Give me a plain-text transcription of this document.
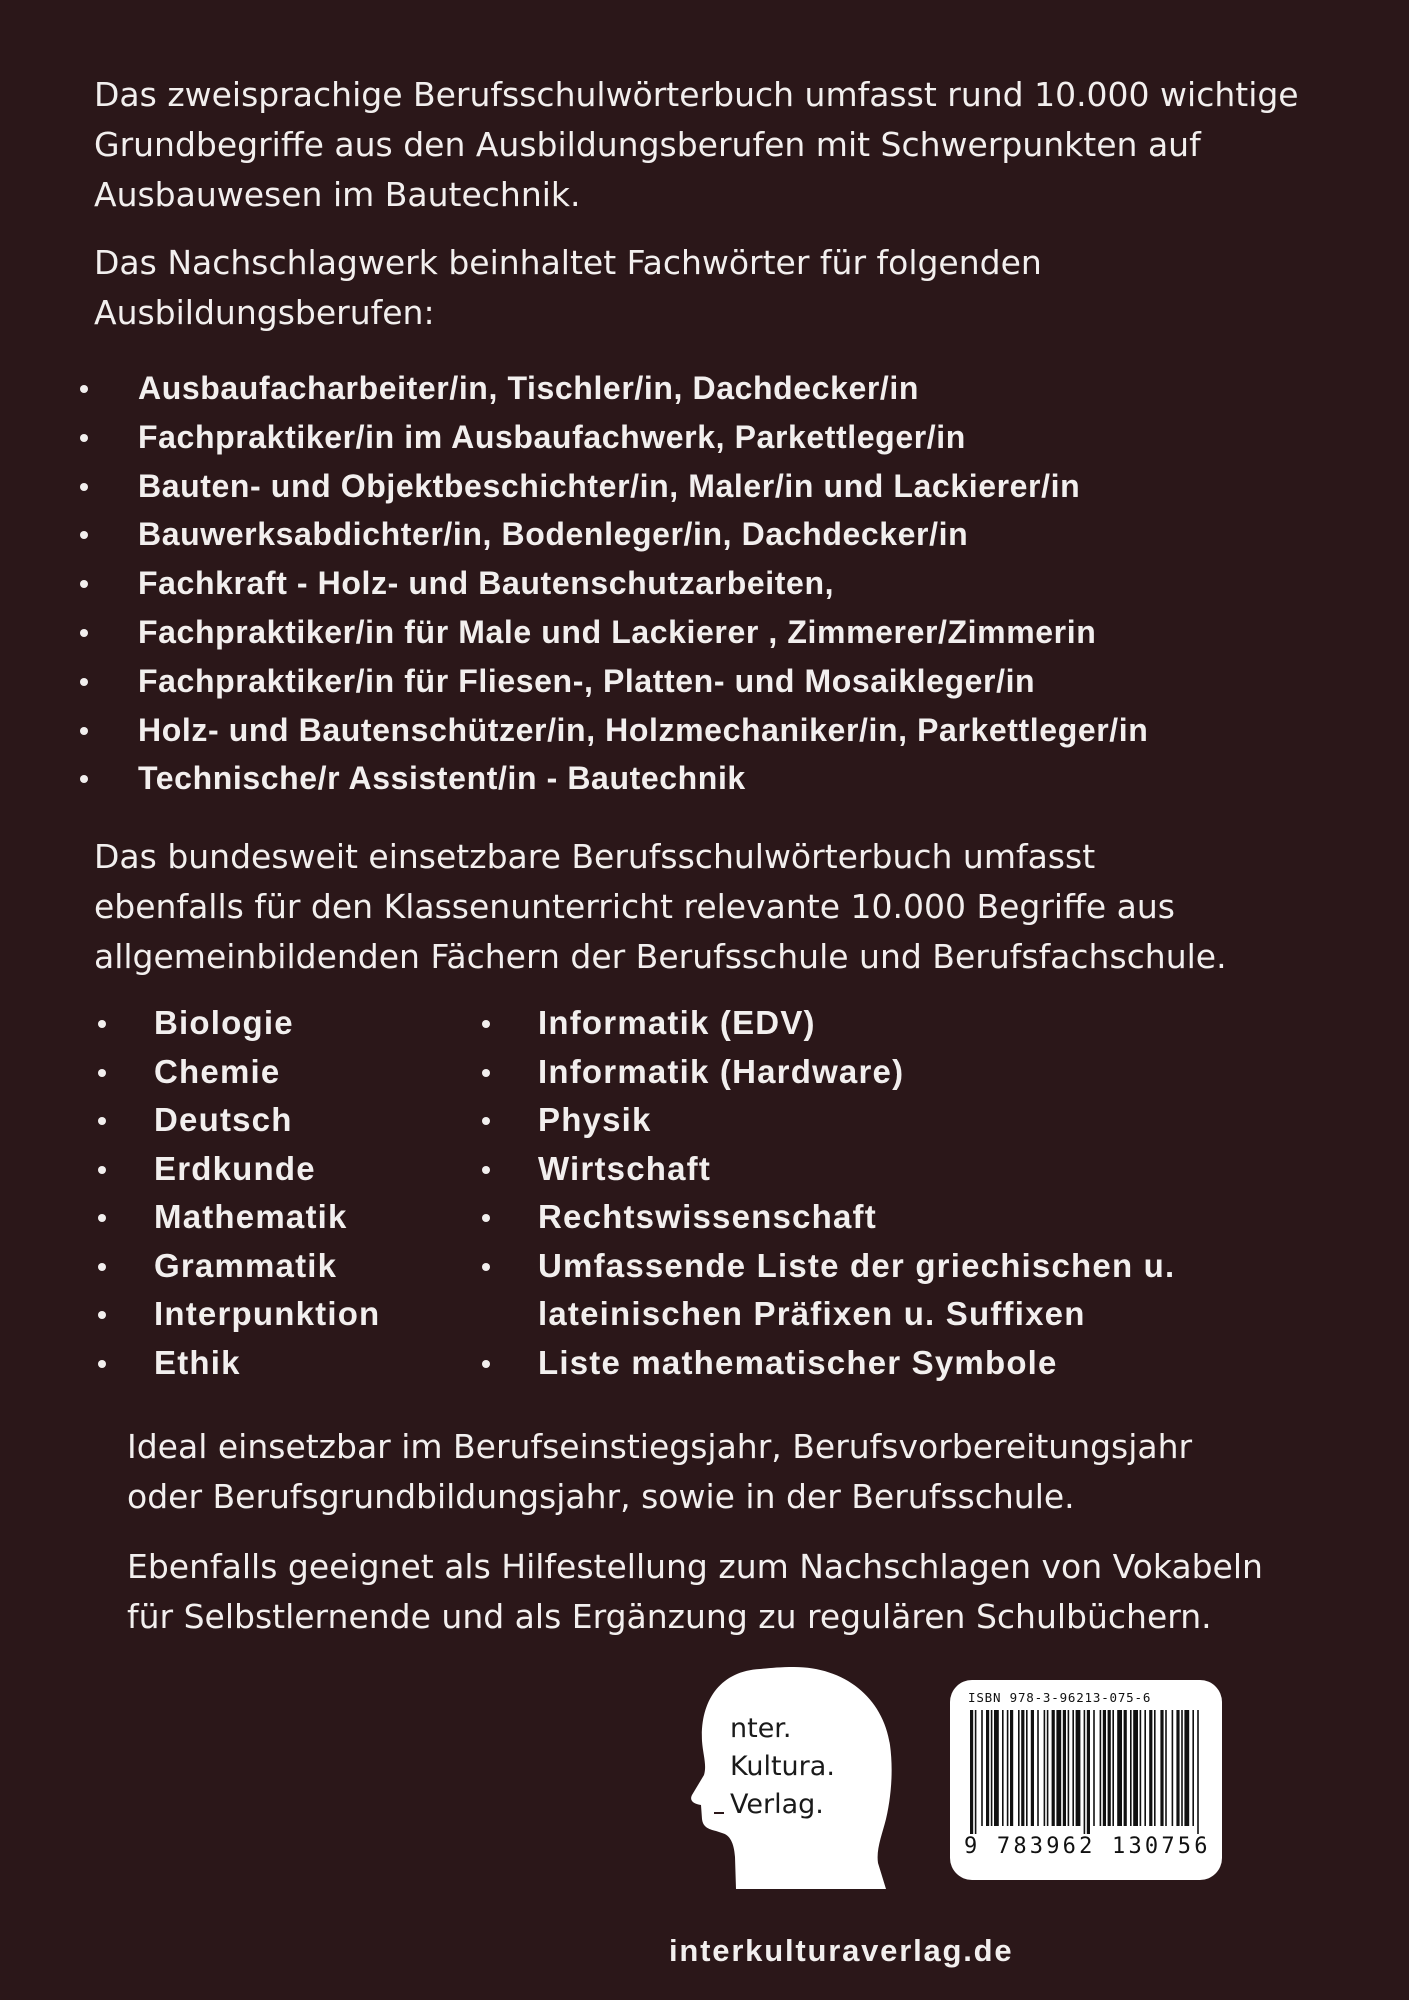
Das zweisprachige Berufsschulwörterbuch umfasst rund 10.000 wichtige
Grundbegriffe aus den Ausbildungsberufen mit Schwerpunkten auf
Ausbauwesen im Bautechnik.
Das Nachschlagwerk beinhaltet Fachwörter für folgenden
Ausbildungsberufen:
Ausbaufacharbeiter/in, Tischler/in, Dachdecker/in
Fachpraktiker/in im Ausbaufachwerk, Parkettleger/in
Bauten- und Objektbeschichter/in, Maler/in und Lackierer/in
Bauwerksabdichter/in, Bodenleger/in, Dachdecker/in
Fachkraft - Holz- und Bautenschutzarbeiten,
Fachpraktiker/in für Male und Lackierer , Zimmerer/Zimmerin
Fachpraktiker/in für Fliesen-, Platten- und Mosaikleger/in
Holz- und Bautenschützer/in, Holzmechaniker/in, Parkettleger/in
Technische/r Assistent/in - Bautechnik
Das bundesweit einsetzbare Berufsschulwörterbuch umfasst
ebenfalls für den Klassenunterricht relevante 10.000 Begriffe aus
allgemeinbildenden Fächern der Berufsschule und Berufsfachschule.
Biologie
Chemie
Deutsch
Erdkunde
Mathematik
Grammatik
Interpunktion
Ethik
Informatik (EDV)
Informatik (Hardware)
Physik
Wirtschaft
Rechtswissenschaft
Umfassende Liste der griechischen u.
lateinischen Präfixen u. Suffixen
Liste mathematischer Symbole
Ideal einsetzbar im Berufseinstiegsjahr, Berufsvorbereitungsjahr
oder Berufsgrundbildungsjahr, sowie in der Berufsschule.
Ebenfalls geeignet als Hilfestellung zum Nachschlagen von Vokabeln
für Selbstlernende und als Ergänzung zu regulären Schulbüchern.
nter.
Kultura.
Verlag.
ISBN 978-3-96213-075-6
9 783962 130756
interkulturaverlag.de
